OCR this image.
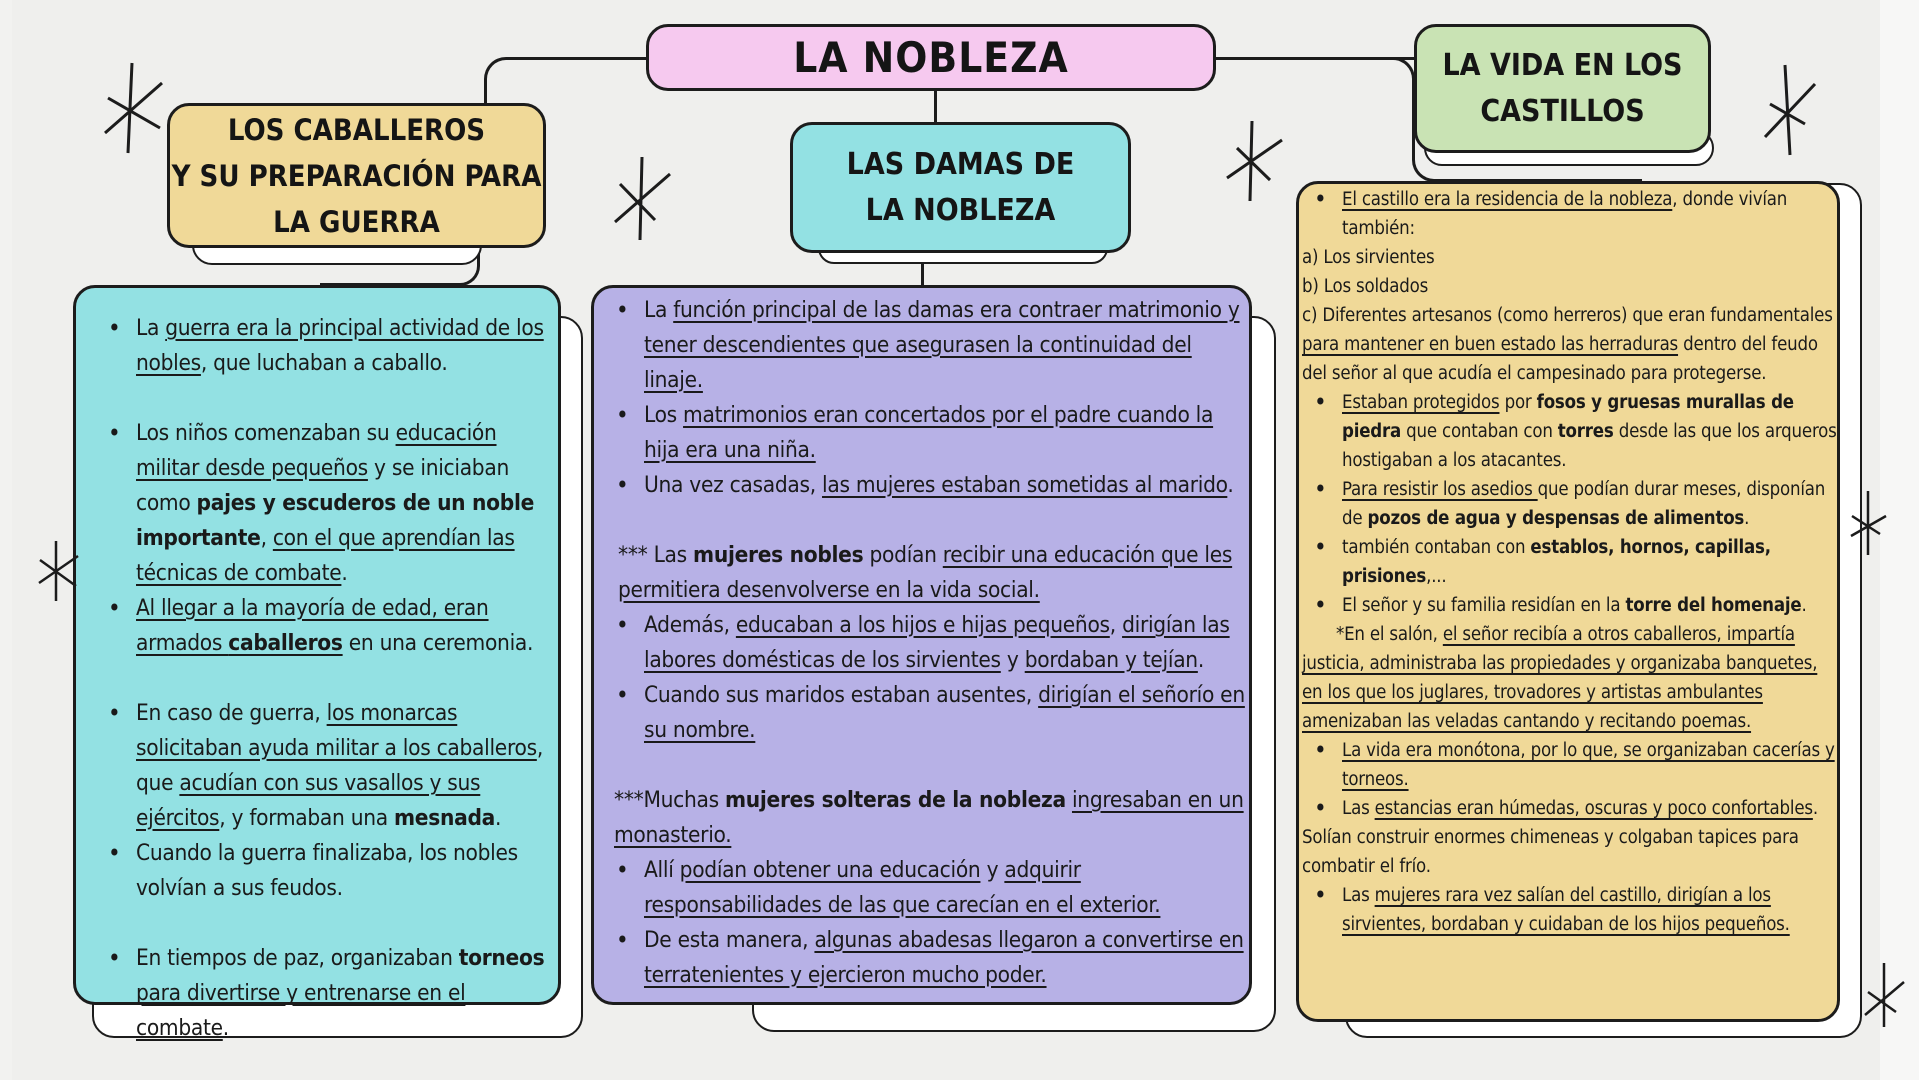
LA NOBLEZA
LOS CABALLEROS
Y SU PREPARACIÓN PARA
LA GUERRA
LAS DAMAS DE
LA NOBLEZA
LA VIDA EN LOS
CASTILLOS
• La guerra era la principal actividad de los nobles, que luchaban a caballo.
• Los niños comenzaban su educación militar desde pequeños y se iniciaban como pajes y escuderos de un noble importante, con el que aprendían las técnicas de combate.
• Al llegar a la mayoría de edad, eran armados caballeros en una ceremonia.
• En caso de guerra, los monarcas solicitaban ayuda militar a los caballeros, que acudían con sus vasallos y sus ejércitos, y formaban una mesnada.
• Cuando la guerra finalizaba, los nobles volvían a sus feudos.
• En tiempos de paz, organizaban torneos para divertirse y entrenarse en el combate.
• La función principal de las damas era contraer matrimonio y tener descendientes que asegurasen la continuidad del linaje.
• Los matrimonios eran concertados por el padre cuando la hija era una niña.
• Una vez casadas, las mujeres estaban sometidas al marido.

*** Las mujeres nobles podían recibir una educación que les permitiera desenvolverse en la vida social.

• Además, educaban a los hijos e hijas pequeños, dirigían las labores domésticas de los sirvientes y bordaban y tejían.
• Cuando sus maridos estaban ausentes, dirigían el señorío en su nombre.

***Muchas mujeres solteras de la nobleza ingresaban en un monasterio.

• Allí podían obtener una educación y adquirir responsabilidades de las que carecían en el exterior.
• De esta manera, algunas abadesas llegaron a convertirse en terratenientes y ejercieron mucho poder.
• El castillo era la residencia de la nobleza, donde vivían también:

a) Los sirvientes

b) Los soldados

c) Diferentes artesanos (como herreros) que eran fundamentales para mantener en buen estado las herraduras dentro del feudo del señor al que acudía el campesinado para protegerse.

• Estaban protegidos por fosos y gruesas murallas de piedra que contaban con torres desde las que los arqueros hostigaban a los atacantes.
• Para resistir los asedios que podían durar meses, disponían de pozos de agua y despensas de alimentos.
• también contaban con establos, hornos, capillas, prisiones,...
• El señor y su familia residían en la torre del homenaje.

*En el salón, el señor recibía a otros caballeros, impartía justicia, administraba las propiedades y organizaba banquetes, en los que los juglares, trovadores y artistas ambulantes amenizaban las veladas cantando y recitando poemas.

• La vida era monótona, por lo que, se organizaban cacerías y torneos.
• Las estancias eran húmedas, oscuras y poco confortables.

Solían construir enormes chimeneas y colgaban tapices para combatir el frío.

• Las mujeres rara vez salían del castillo, dirigían a los sirvientes, bordaban y cuidaban de los hijos pequeños.
